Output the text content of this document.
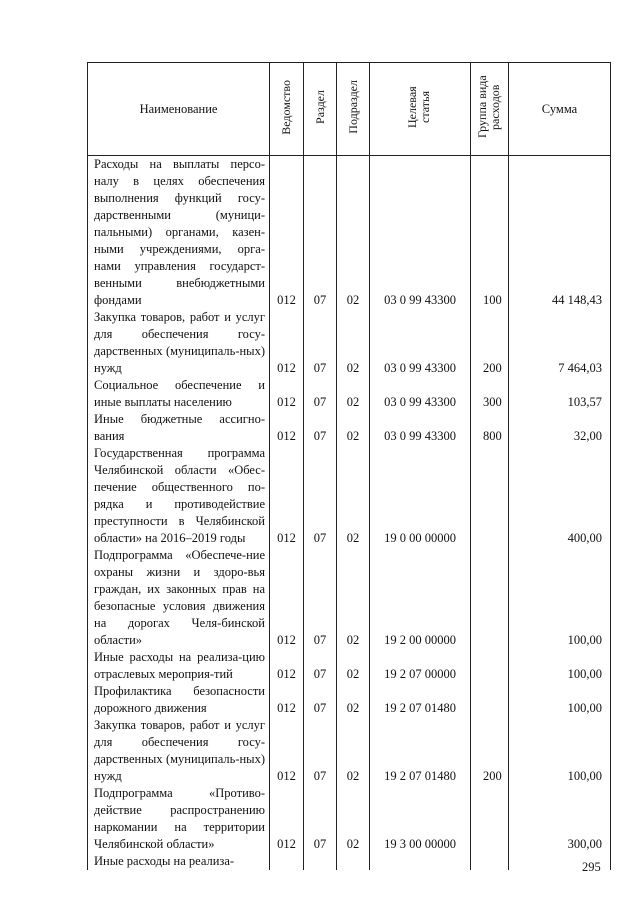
Наименование	Ведомство	Раздел	Подраздел	Целевая статья	Группа вида расходов	Сумма
Расходы на выплаты персо-налу в целях обеспечения выполнения функций госу-дарственными (муници-пальными) органами, казен-ными учреждениями, орга-нами управления государст-венными внебюджетными фондами	012	07	02	03 0 99 43300	100	44 148,43
Закупка товаров, работ и услуг для обеспечения госу-дарственных (муниципаль-ных) нужд	012	07	02	03 0 99 43300	200	7 464,03
Социальное обеспечение и иные выплаты населению	012	07	02	03 0 99 43300	300	103,57
Иные бюджетные ассигно-вания	012	07	02	03 0 99 43300	800	32,00
Государственная программа Челябинской области «Обес-печение общественного по-рядка и противодействие преступности в Челябинской области» на 2016–2019 годы	012	07	02	19 0 00 00000		400,00
Подпрограмма «Обеспече-ние охраны жизни и здоро-вья граждан, их законных прав на безопасные условия движения на дорогах Челя-бинской области»	012	07	02	19 2 00 00000		100,00
Иные расходы на реализа-цию отраслевых мероприя-тий	012	07	02	19 2 07 00000		100,00
Профилактика безопасности дорожного движения	012	07	02	19 2 07 01480		100,00
Закупка товаров, работ и услуг для обеспечения госу-дарственных (муниципаль-ных) нужд	012	07	02	19 2 07 01480	200	100,00
Подпрограмма «Противо-действие распространению наркомании на территории Челябинской области»	012	07	02	19 3 00 00000		300,00
Иные расходы на реализа-							295
